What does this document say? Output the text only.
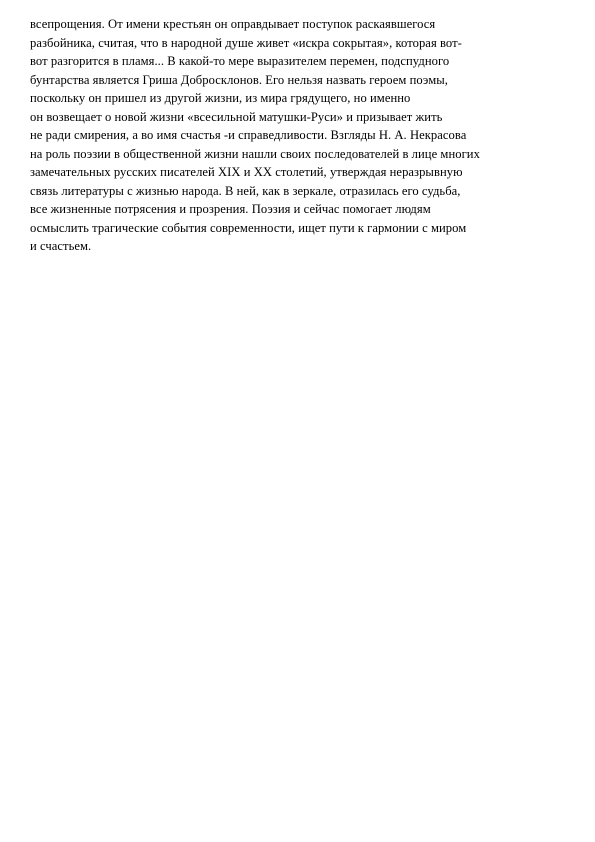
всепрощения. От имени крестьян он оправдывает поступок раскаявшегося
разбойника, считая, что в народной душе живет «искра сокрытая», которая вот-
вот разгорится в пламя... В какой-то мере выразителем перемен, подспудного
бунтарства является Гриша Добросклонов. Его нельзя назвать героем поэмы,
поскольку он пришел из другой жизни, из мира грядущего, но именно
он возвещает о новой жизни «всесильной матушки-Руси» и призывает жить
не ради смирения, а во имя счастья -и справедливости. Взгляды Н. А. Некрасова
на роль поэзии в общественной жизни нашли своих последователей в лице многих
замечательных русских писателей XIX и XX столетий, утверждая неразрывную
связь литературы с жизнью народа. В ней, как в зеркале, отразилась его судьба,
все жизненные потрясения и прозрения. Поэзия и сейчас помогает людям
осмыслить трагические события современности, ищет пути к гармонии с миром
и счастьем.
